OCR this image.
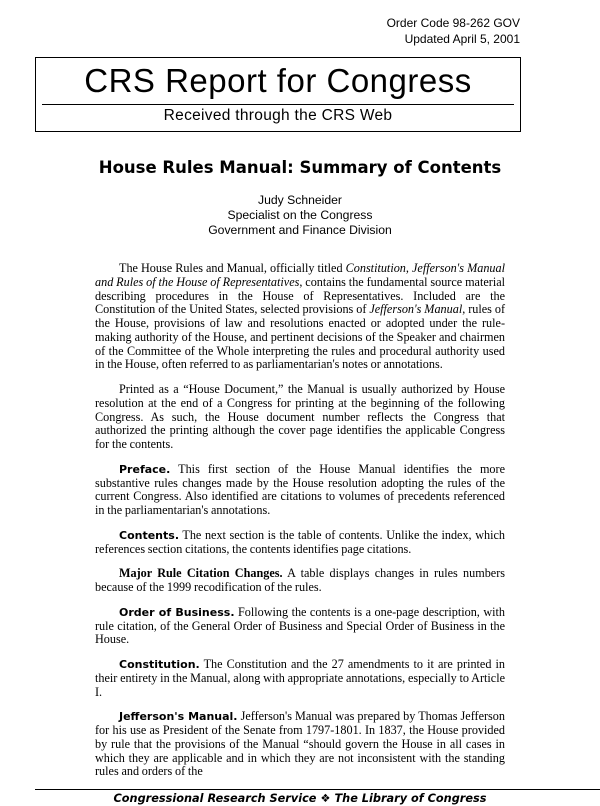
Order Code 98-262 GOV
Updated April 5, 2001
CRS Report for Congress
Received through the CRS Web
House Rules Manual: Summary of Contents
Judy Schneider
Specialist on the Congress
Government and Finance Division

The House Rules and Manual, officially titled Constitution, Jefferson's Manual and Rules of the House of Representatives, contains the fundamental source material describing procedures in the House of Representatives. Included are the Constitution of the United States, selected provisions of Jefferson's Manual, rules of the House, provisions of law and resolutions enacted or adopted under the rule-making authority of the House, and pertinent decisions of the Speaker and chairmen of the Committee of the Whole interpreting the rules and procedural authority used in the House, often referred to as parliamentarian's notes or annotations.

Printed as a “House Document,” the Manual is usually authorized by House resolution at the end of a Congress for printing at the beginning of the following Congress. As such, the House document number reflects the Congress that authorized the printing although the cover page identifies the applicable Congress for the contents.

Preface. This first section of the House Manual identifies the more substantive rules changes made by the House resolution adopting the rules of the current Congress. Also identified are citations to volumes of precedents referenced in the parliamentarian's annotations.

Contents. The next section is the table of contents. Unlike the index, which references section citations, the contents identifies page citations.

Major Rule Citation Changes. A table displays changes in rules numbers because of the 1999 recodification of the rules.

Order of Business. Following the contents is a one-page description, with rule citation, of the General Order of Business and Special Order of Business in the House.

Constitution. The Constitution and the 27 amendments to it are printed in their entirety in the Manual, along with appropriate annotations, especially to Article I.

Jefferson's Manual. Jefferson's Manual was prepared by Thomas Jefferson for his use as President of the Senate from 1797-1801. In 1837, the House provided by rule that the provisions of the Manual “should govern the House in all cases in which they are applicable and in which they are not inconsistent with the standing rules and orders of the

Congressional Research Service ❖ The Library of Congress
